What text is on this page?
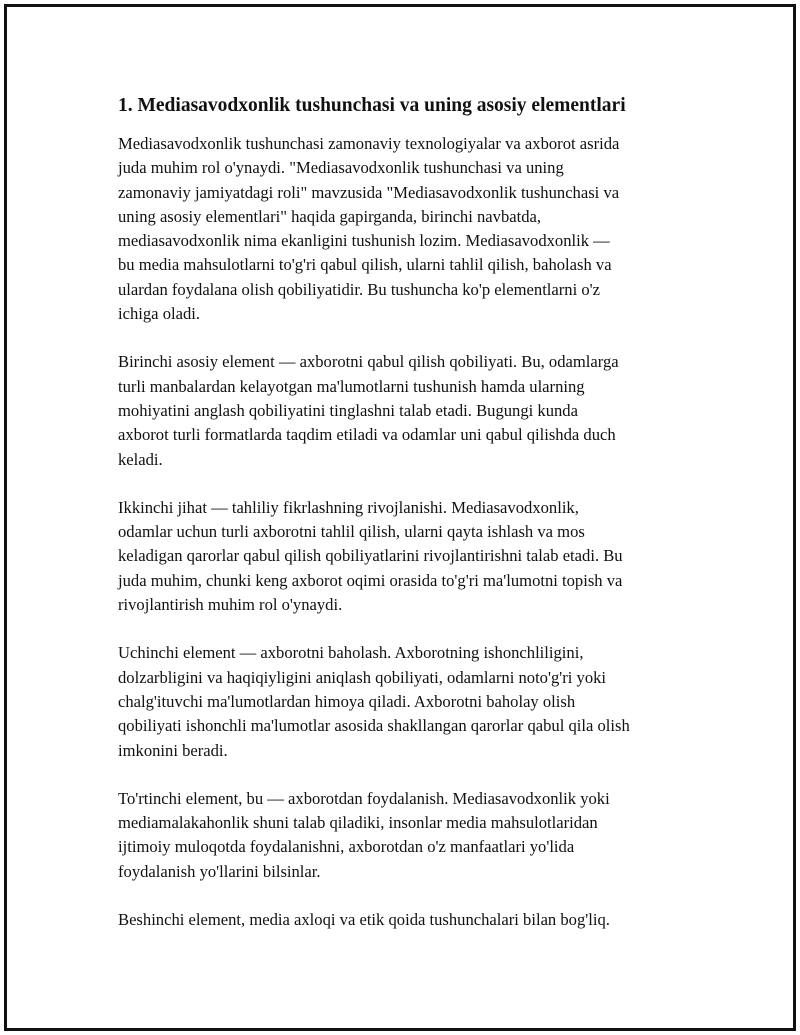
1. Mediasavodxonlik tushunchasi va uning asosiy elementlari

Mediasavodxonlik tushunchasi zamonaviy texnologiyalar va axborot asrida
juda muhim rol o'ynaydi. "Mediasavodxonlik tushunchasi va uning
zamonaviy jamiyatdagi roli" mavzusida "Mediasavodxonlik tushunchasi va
uning asosiy elementlari" haqida gapirganda, birinchi navbatda,
mediasavodxonlik nima ekanligini tushunish lozim. Mediasavodxonlik —
bu media mahsulotlarni to'g'ri qabul qilish, ularni tahlil qilish, baholash va
ulardan foydalana olish qobiliyatidir. Bu tushuncha ko'p elementlarni o'z
ichiga oladi.

Birinchi asosiy element — axborotni qabul qilish qobiliyati. Bu, odamlarga
turli manbalardan kelayotgan ma'lumotlarni tushunish hamda ularning
mohiyatini anglash qobiliyatini tinglashni talab etadi. Bugungi kunda
axborot turli formatlarda taqdim etiladi va odamlar uni qabul qilishda duch
keladi.

Ikkinchi jihat — tahliliy fikrlashning rivojlanishi. Mediasavodxonlik,
odamlar uchun turli axborotni tahlil qilish, ularni qayta ishlash va mos
keladigan qarorlar qabul qilish qobiliyatlarini rivojlantirishni talab etadi. Bu
juda muhim, chunki keng axborot oqimi orasida to'g'ri ma'lumotni topish va
rivojlantirish muhim rol o'ynaydi.

Uchinchi element — axborotni baholash. Axborotning ishonchliligini,
dolzarbligini va haqiqiyligini aniqlash qobiliyati, odamlarni noto'g'ri yoki
chalg'ituvchi ma'lumotlardan himoya qiladi. Axborotni baholay olish
qobiliyati ishonchli ma'lumotlar asosida shakllangan qarorlar qabul qila olish
imkonini beradi.

To'rtinchi element, bu — axborotdan foydalanish. Mediasavodxonlik yoki
mediamalakahonlik shuni talab qiladiki, insonlar media mahsulotlaridan
ijtimoiy muloqotda foydalanishni, axborotdan o'z manfaatlari yo'lida
foydalanish yo'llarini bilsinlar.

Beshinchi element, media axloqi va etik qoida tushunchalari bilan bog'liq.
